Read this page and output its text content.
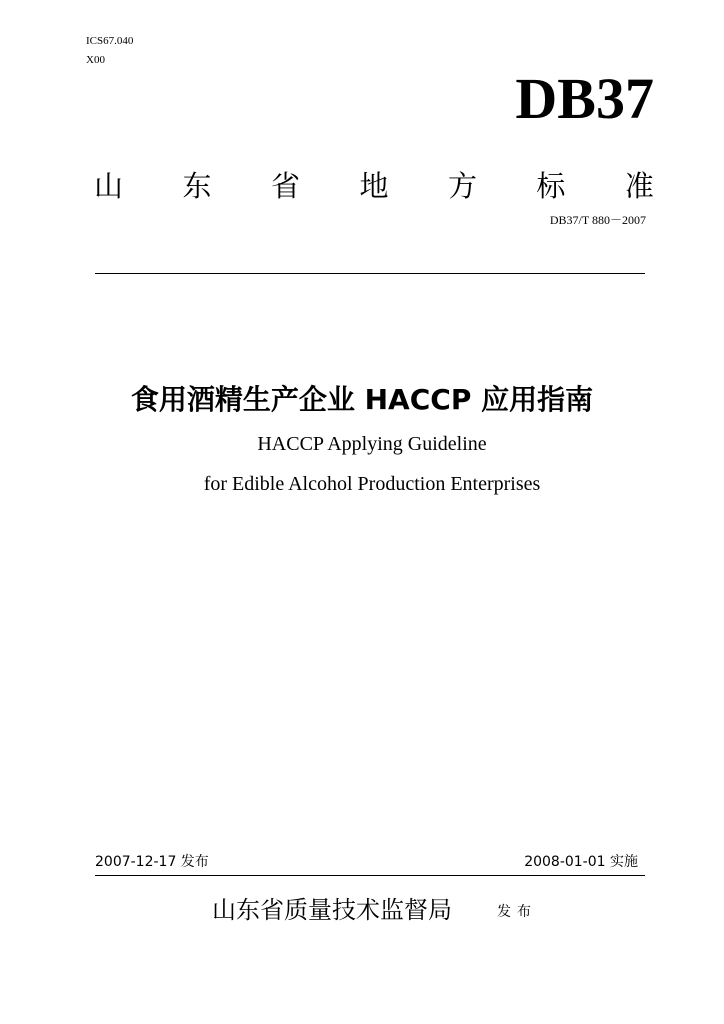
ICS67.040
X00
DB37
山 东 省 地 方 标 准
DB37/T 880－2007
食用酒精生产企业 HACCP 应用指南
HACCP Applying Guideline
for Edible Alcohol Production Enterprises
2007-12-17 发布	2008-01-01 实施
山东省质量技术监督局	发布
